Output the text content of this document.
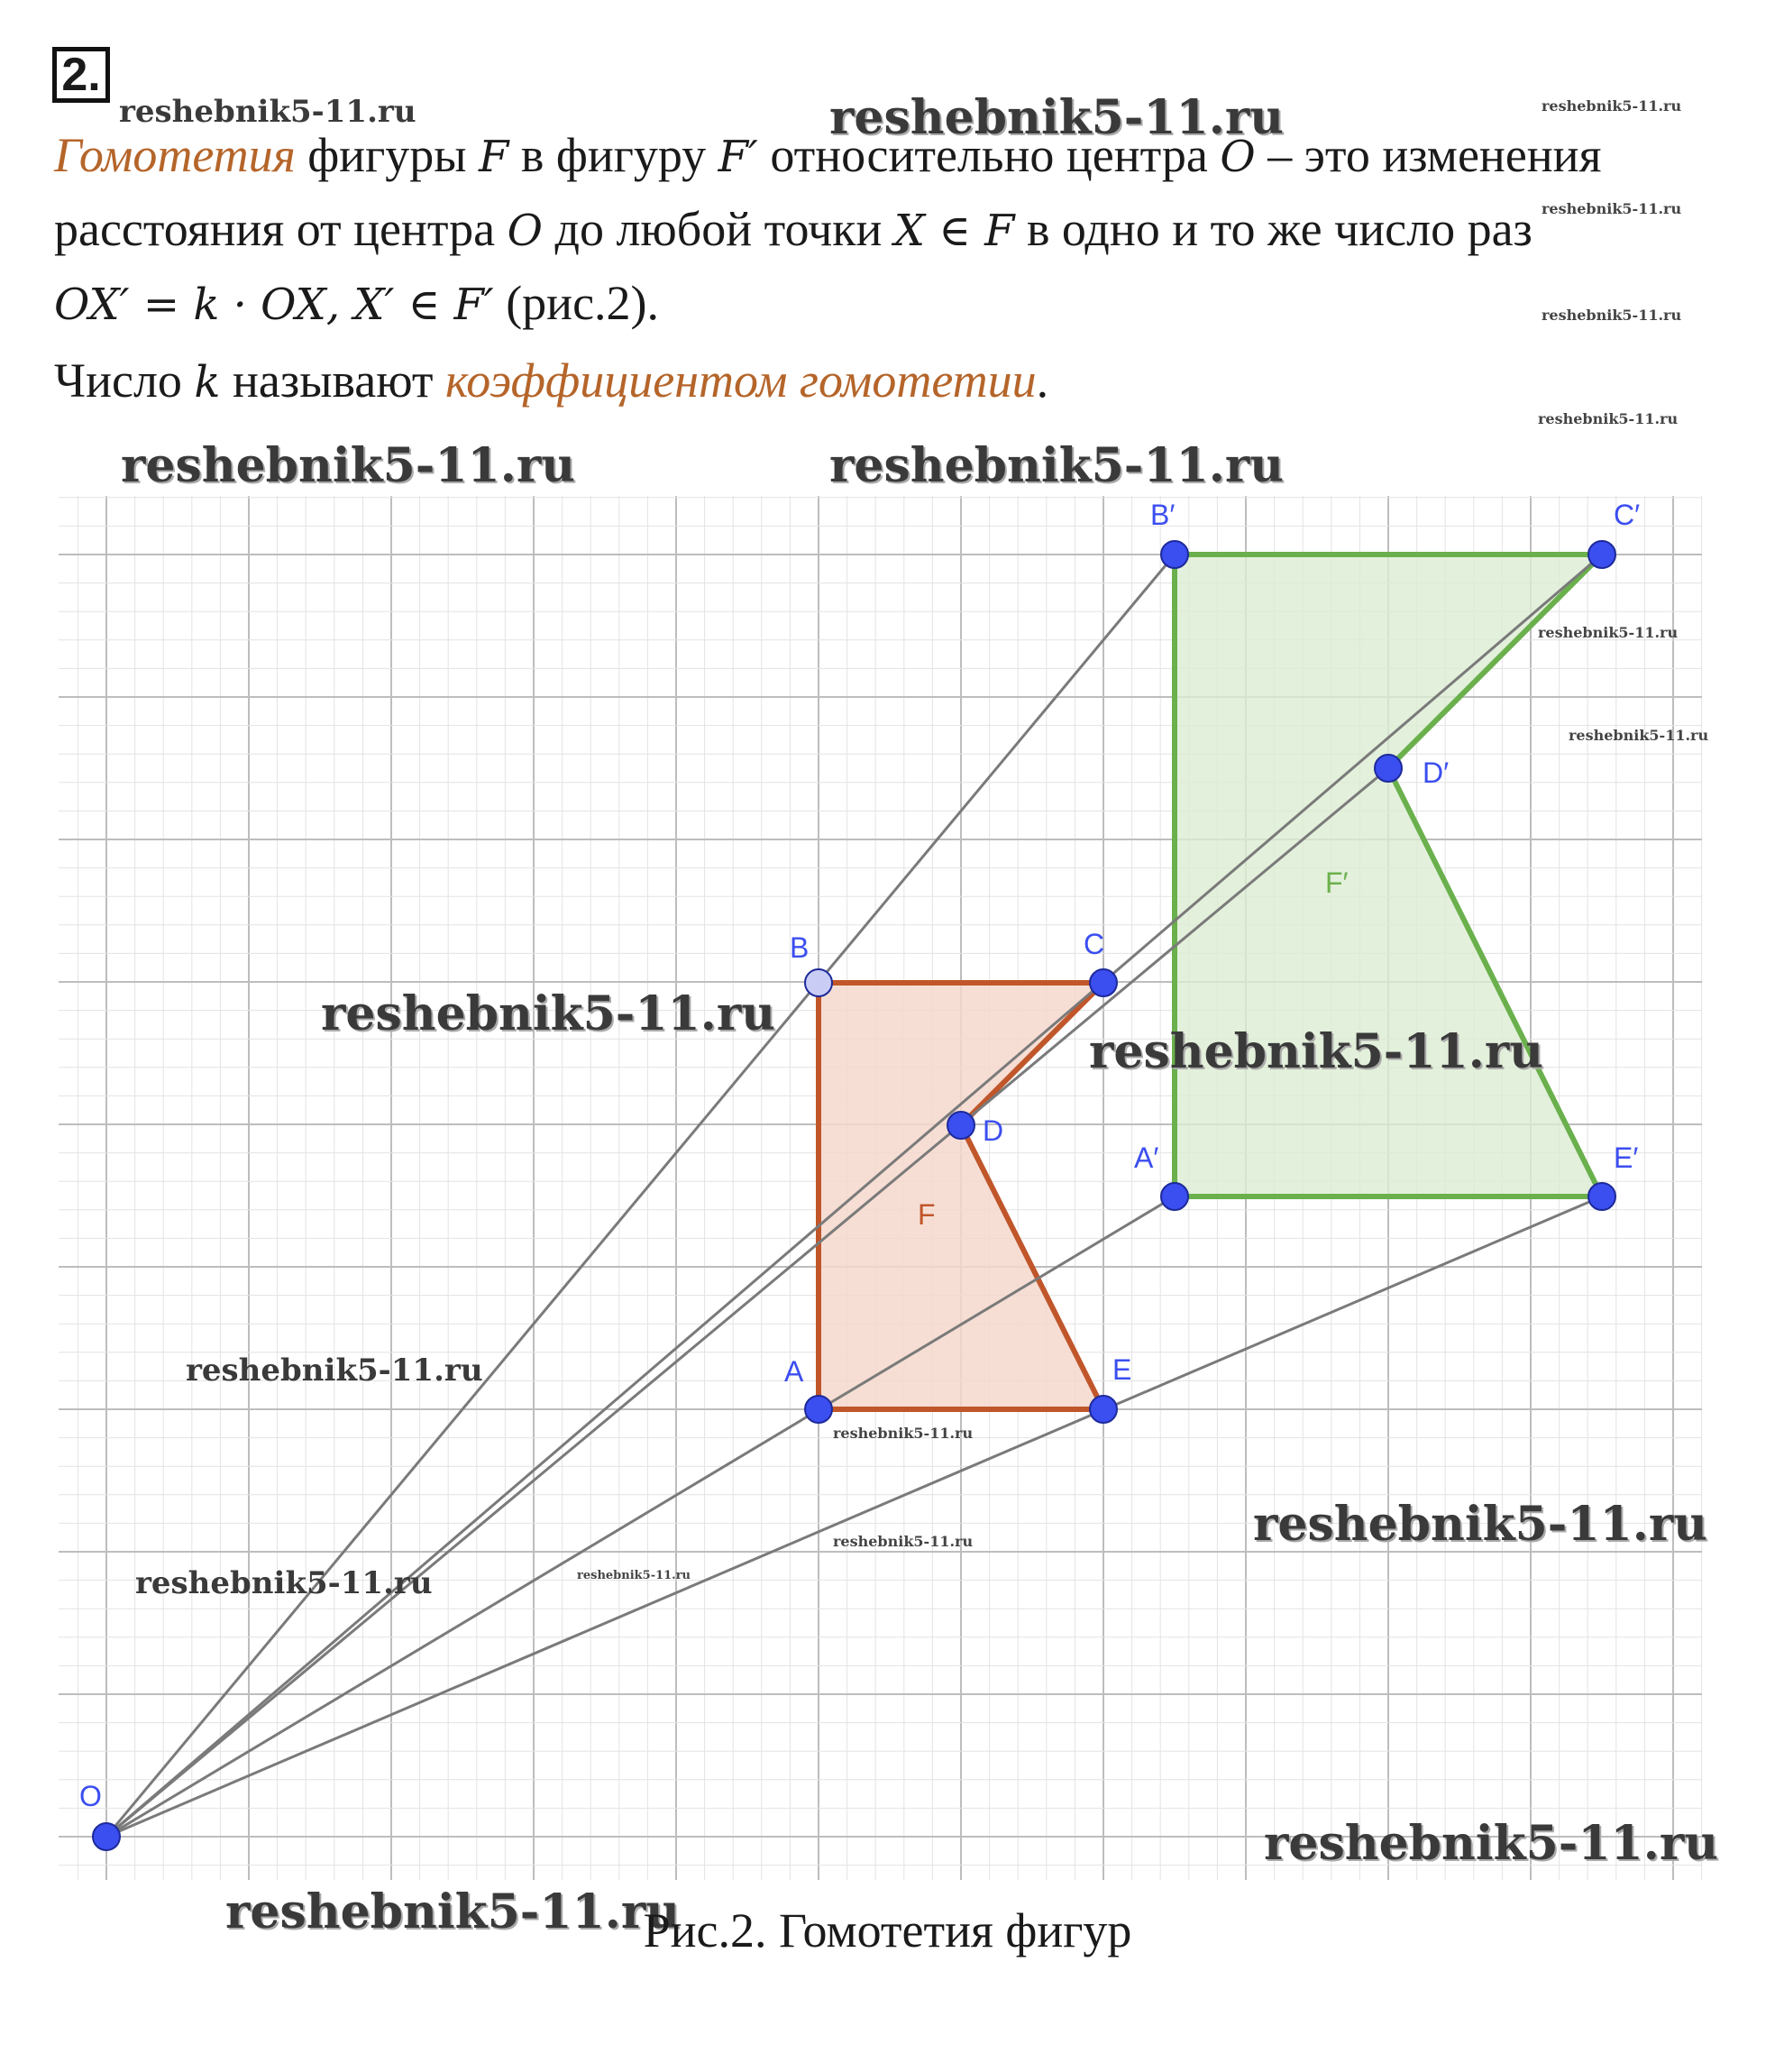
2.
Гомотетия фигуры F в фигуру F′ относительно центра O – это изменения
расстояния от центра O до любой точки X ∈ F в одно и то же число раз
OX′ = k · OX, X′ ∈ F′ (рис.2).
Число k называют коэффициентом гомотетии.
F
F′
O
A
B	C
D
E
A′
B′	C′
D′
E′
reshebnik5-11.ru	reshebnik5-11.ru	reshebnik5-11.ru
reshebnik5-11.ru
reshebnik5-11.ru
reshebnik5-11.ru
reshebnik5-11.ru	reshebnik5-11.ru
reshebnik5-11.ru
reshebnik5-11.ru
reshebnik5-11.ru
reshebnik5-11.ru
reshebnik5-11.ru
reshebnik5-11.ru
reshebnik5-11.ru
reshebnik5-11.ru
reshebnik5-11.ru
reshebnik5-11.ru
reshebnik5-11.ru
reshebnik5-11.ru
Рис.2. Гомотетия фигур
